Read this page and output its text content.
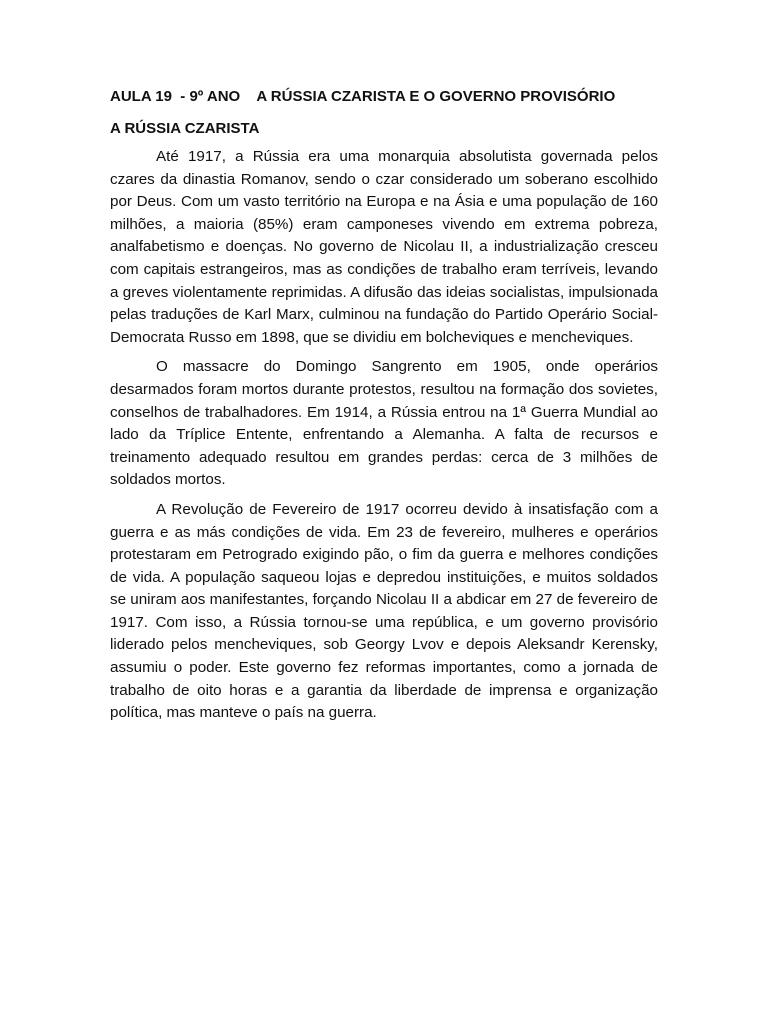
AULA 19  - 9º ANO    A RÚSSIA CZARISTA E O GOVERNO PROVISÓRIO
A RÚSSIA CZARISTA

Até 1917, a Rússia era uma monarquia absolutista governada pelos czares da dinastia Romanov, sendo o czar considerado um soberano escolhido por Deus. Com um vasto território na Europa e na Ásia e uma população de 160 milhões, a maioria (85%) eram camponeses vivendo em extrema pobreza, analfabetismo e doenças. No governo de Nicolau II, a industrialização cresceu com capitais estrangeiros, mas as condições de trabalho eram terríveis, levando a greves violentamente reprimidas. A difusão das ideias socialistas, impulsionada pelas traduções de Karl Marx, culminou na fundação do Partido Operário Social-Democrata Russo em 1898, que se dividiu em bolcheviques e mencheviques.

O massacre do Domingo Sangrento em 1905, onde operários desarmados foram mortos durante protestos, resultou na formação dos sovietes, conselhos de trabalhadores. Em 1914, a Rússia entrou na 1ª Guerra Mundial ao lado da Tríplice Entente, enfrentando a Alemanha. A falta de recursos e treinamento adequado resultou em grandes perdas: cerca de 3 milhões de soldados mortos.

A Revolução de Fevereiro de 1917 ocorreu devido à insatisfação com a guerra e as más condições de vida. Em 23 de fevereiro, mulheres e operários protestaram em Petrogrado exigindo pão, o fim da guerra e melhores condições de vida. A população saqueou lojas e depredou instituições, e muitos soldados se uniram aos manifestantes, forçando Nicolau II a abdicar em 27 de fevereiro de 1917. Com isso, a Rússia tornou-se uma república, e um governo provisório liderado pelos mencheviques, sob Georgy Lvov e depois Aleksandr Kerensky, assumiu o poder. Este governo fez reformas importantes, como a jornada de trabalho de oito horas e a garantia da liberdade de imprensa e organização política, mas manteve o país na guerra.
